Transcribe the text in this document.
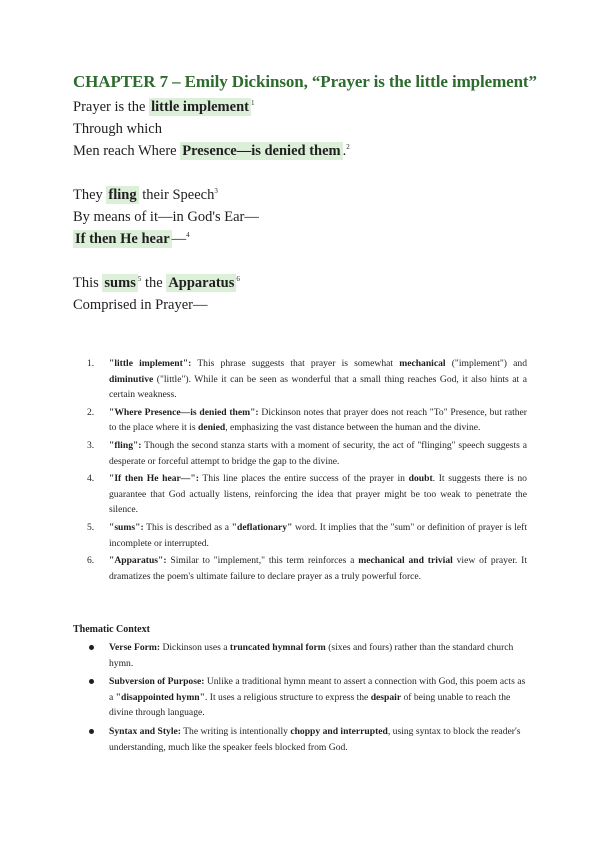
CHAPTER 7 – Emily Dickinson, “Prayer is the little implement”
Prayer is the little implement $^1$
Through which
Men reach Where Presence—is denied them .$^2$
They fling their Speech$^3$
By means of it—in God's Ear—
If then He hear —$^4$
This sums $^5$ the Apparatus $^6$
Comprised in Prayer—
1. "little implement": This phrase suggests that prayer is somewhat mechanical ("implement") and diminutive ("little"). While it can be seen as wonderful that a small thing reaches God, it also hints at a certain weakness.
2. "Where Presence—is denied them": Dickinson notes that prayer does not reach "To" Presence, but rather to the place where it is denied, emphasizing the vast distance between the human and the divine.
3. "fling": Though the second stanza starts with a moment of security, the act of "flinging" speech suggests a desperate or forceful attempt to bridge the gap to the divine.
4. "If then He hear—": This line places the entire success of the prayer in doubt. It suggests there is no guarantee that God actually listens, reinforcing the idea that prayer might be too weak to penetrate the silence.
5. "sums": This is described as a "deflationary" word. It implies that the "sum" or definition of prayer is left incomplete or interrupted.
6. "Apparatus": Similar to "implement," this term reinforces a mechanical and trivial view of prayer. It dramatizes the poem's ultimate failure to declare prayer as a truly powerful force.
Thematic Context
Verse Form: Dickinson uses a truncated hymnal form (sixes and fours) rather than the standard church hymn.
Subversion of Purpose: Unlike a traditional hymn meant to assert a connection with God, this poem acts as a "disappointed hymn". It uses a religious structure to express the despair of being unable to reach the divine through language.
Syntax and Style: The writing is intentionally choppy and interrupted, using syntax to block the reader's understanding, much like the speaker feels blocked from God.
